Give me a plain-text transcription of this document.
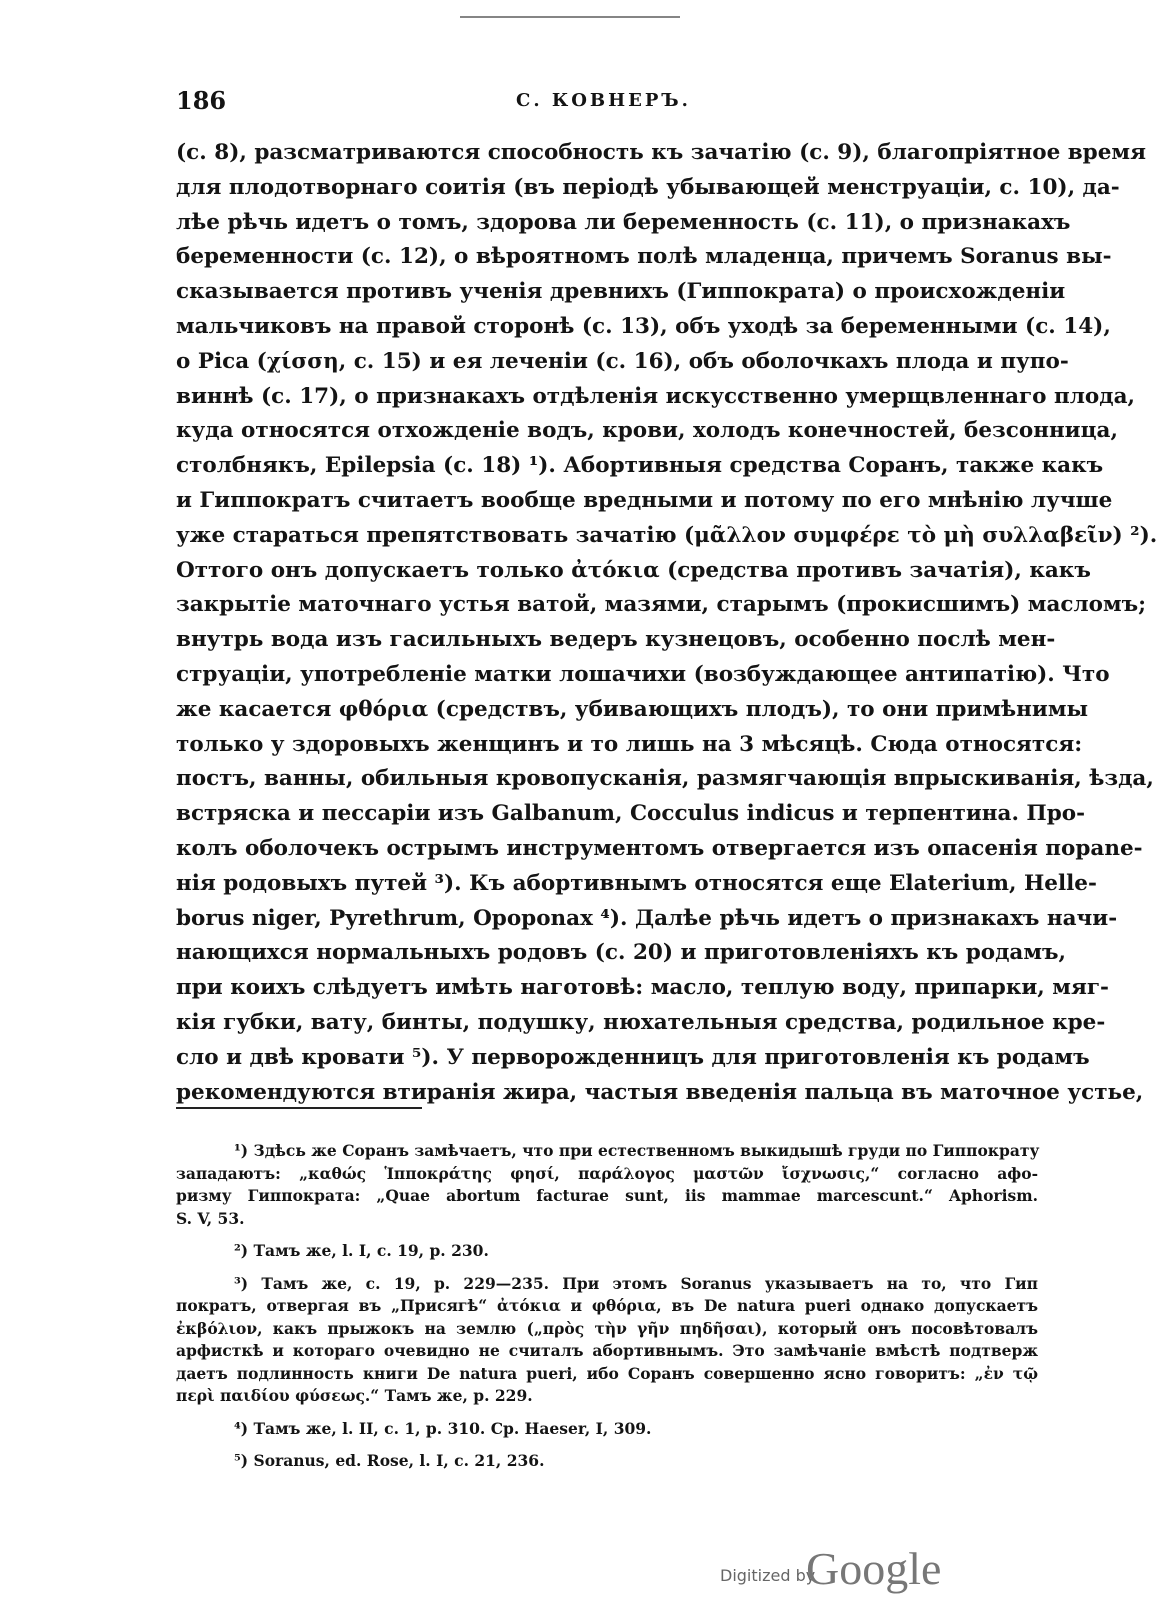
186	С. КОВНЕРЪ.
(с. 8), разсматриваются способность къ зачатію (с. 9), благопріятное время
для плодотворнаго соитія (въ періодѣ убывающей менструаціи, с. 10), да-
лѣе рѣчь идетъ о томъ, здорова ли беременность (с. 11), о признакахъ
беременности (с. 12), о вѣроятномъ полѣ младенца, причемъ Soranus вы-
сказывается противъ ученія древнихъ (Гиппократа) о происхожденіи
мальчиковъ на правой сторонѣ (с. 13), объ уходѣ за беременными (с. 14),
о Pica (χίσση, с. 15) и ея леченіи (с. 16), объ оболочкахъ плода и пупо-
виннѣ (с. 17), о признакахъ отдѣленія искусственно умерщвленнаго плода,
куда относятся отхожденіе водъ, крови, холодъ конечностей, безсонница,
столбнякъ, Epilepsia (с. 18) ¹). Абортивныя средства Соранъ, также какъ
и Гиппократъ считаетъ вообще вредными и потому по его мнѣнію лучше
уже стараться препятствовать зачатію (μᾶλλον συμφέρε τὸ μὴ συλλαβεῖν) ²).
Оттого онъ допускаетъ только ἀτόκια (средства противъ зачатія), какъ
закрытіе маточнаго устья ватой, мазями, старымъ (прокисшимъ) масломъ;
внутрь вода изъ гасильныхъ ведеръ кузнецовъ, особенно послѣ мен-
струаціи, употребленіе матки лошачихи (возбуждающее антипатію). Что
же касается φθόρια (средствъ, убивающихъ плодъ), то они примѣнимы
только у здоровыхъ женщинъ и то лишь на 3 мѣсяцѣ. Сюда относятся:
постъ, ванны, обильныя кровопусканія, размягчающія впрыскиванія, ѣзда,
встряска и пессаріи изъ Galbanum, Cocculus indicus и терпентина. Про-
колъ оболочекъ острымъ инструментомъ отвергается изъ опасенія пораne-
нія родовыхъ путей ³). Къ абортивнымъ относятся еще Elaterium, Helle-
borus niger, Pyrethrum, Opoponax ⁴). Далѣе рѣчь идетъ о признакахъ начи-
нающихся нормальныхъ родовъ (с. 20) и приготовленіяхъ къ родамъ,
при коихъ слѣдуетъ имѣть наготовѣ: масло, теплую воду, припарки, мяг-
кія губки, вату, бинты, подушку, нюхательныя средства, родильное кре-
сло и двѣ кровати ⁵). У перворожденницъ для приготовленія къ родамъ
рекомендуются втиранія жира, частыя введенія пальца въ маточное устье,
¹) Здѣсь же Соранъ замѣчаетъ, что при естественномъ выкидышѣ груди по Гиппократу
западаютъ: „καθώς Ἱπποκράτης φησί, παράλογος μαστῶν ἴσχνωσις,“ согласно афо-
ризму Гиппократа: „Quae abortum facturae sunt, iis mammae marcescunt.“ Aphorism.
S. V, 53.
²) Тамъ же, l. I, с. 19, p. 230.
³) Тамъ же, с. 19, p. 229—235. При этомъ Soranus указываетъ на то, что Гип
пократъ, отвергая въ „Присягѣ“ ἀτόκια и φθόρια, въ De natura pueri однако допускаетъ
ἐκβόλιον, какъ прыжокъ на землю („πρὸς τὴν γῆν πηδῆσαι), который онъ посовѣтовалъ
арфисткѣ и котораго очевидно не считалъ абортивнымъ. Это замѣчаніе вмѣстѣ подтверж
даетъ подлинность книги De natura pueri, ибо Соранъ совершенно ясно говоритъ: „ἐν τῷ
περὶ παιδίου φύσεως.“ Тамъ же, p. 229.
⁴) Тамъ же, l. II, с. 1, p. 310. Cp. Haeser, I, 309.
⁵) Soranus, ed. Rose, l. I, с. 21, 236.
Digitized by
Google
